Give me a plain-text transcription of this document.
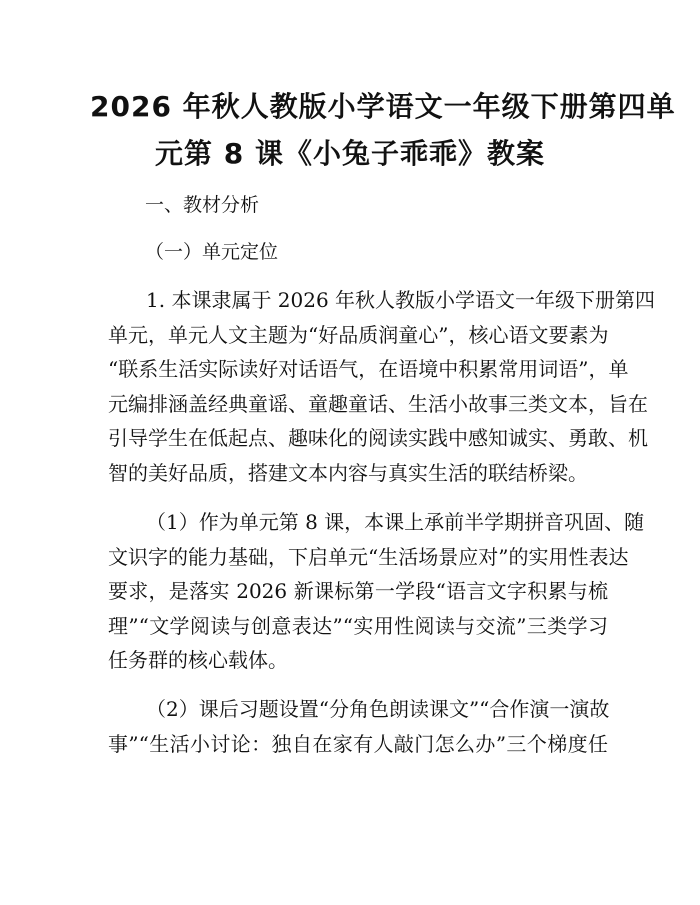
2026 年秋人教版小学语文一年级下册第四单
元第 8 课《小兔子乖乖》教案
一、教材分析
（一）单元定位
1. 本课隶属于 2026 年秋人教版小学语文一年级下册第四
单元，单元人文主题为“好品质润童心”，核心语文要素为
“联系生活实际读好对话语气，在语境中积累常用词语”，单
元编排涵盖经典童谣、童趣童话、生活小故事三类文本，旨在
引导学生在低起点、趣味化的阅读实践中感知诚实、勇敢、机
智的美好品质，搭建文本内容与真实生活的联结桥梁。
（1）作为单元第 8 课，本课上承前半学期拼音巩固、随
文识字的能力基础，下启单元“生活场景应对”的实用性表达
要求，是落实 2026 新课标第一学段“语言文字积累与梳
理”“文学阅读与创意表达”“实用性阅读与交流”三类学习
任务群的核心载体。
（2）课后习题设置“分角色朗读课文”“合作演一演故
事”“生活小讨论：独自在家有人敲门怎么办”三个梯度任
